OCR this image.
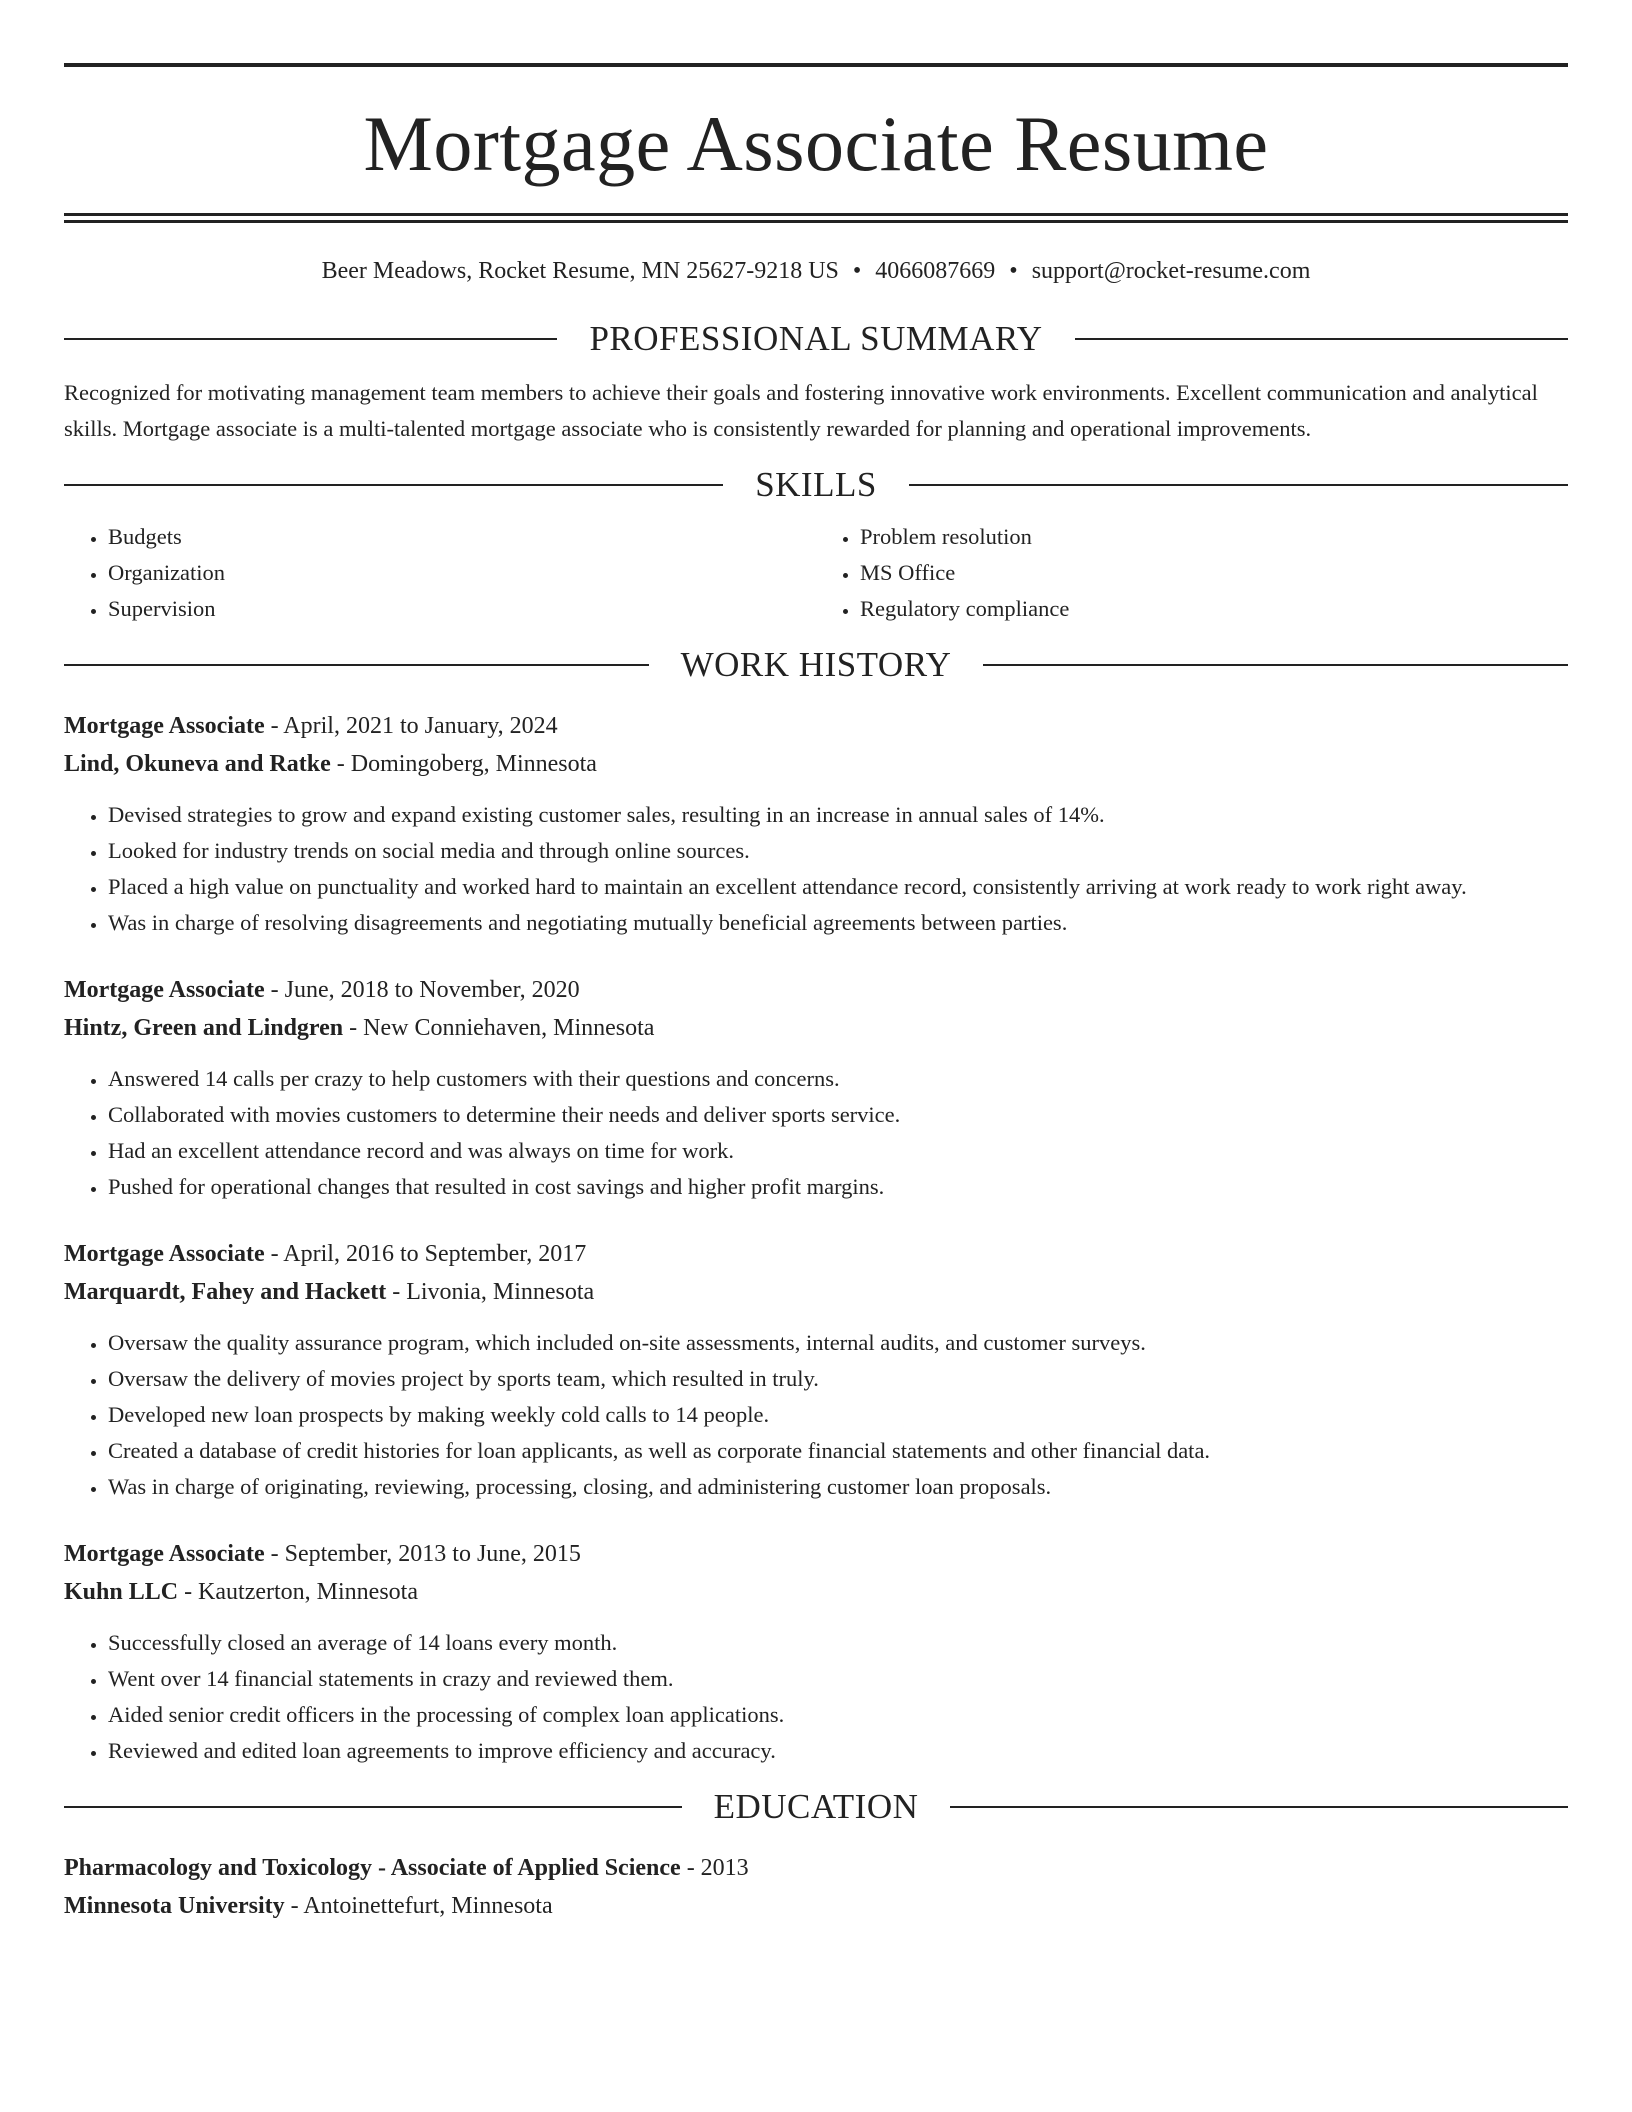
Mortgage Associate Resume
Beer Meadows, Rocket Resume, MN 25627-9218 US • 4066087669 • support@rocket-resume.com
PROFESSIONAL SUMMARY

Recognized for motivating management team members to achieve their goals and fostering innovative work environments. Excellent communication and analytical skills. Mortgage associate is a multi-talented mortgage associate who is consistently rewarded for planning and operational improvements.

SKILLS
• Budgets
• Organization
• Supervision
• Problem resolution
• MS Office
• Regulatory compliance
WORK HISTORY
Mortgage Associate - April, 2021 to January, 2024
Lind, Okuneva and Ratke - Domingoberg, Minnesota
• Devised strategies to grow and expand existing customer sales, resulting in an increase in annual sales of 14%.
• Looked for industry trends on social media and through online sources.
• Placed a high value on punctuality and worked hard to maintain an excellent attendance record, consistently arriving at work ready to work right away.
• Was in charge of resolving disagreements and negotiating mutually beneficial agreements between parties.
Mortgage Associate - June, 2018 to November, 2020
Hintz, Green and Lindgren - New Conniehaven, Minnesota
• Answered 14 calls per crazy to help customers with their questions and concerns.
• Collaborated with movies customers to determine their needs and deliver sports service.
• Had an excellent attendance record and was always on time for work.
• Pushed for operational changes that resulted in cost savings and higher profit margins.
Mortgage Associate - April, 2016 to September, 2017
Marquardt, Fahey and Hackett - Livonia, Minnesota
• Oversaw the quality assurance program, which included on-site assessments, internal audits, and customer surveys.
• Oversaw the delivery of movies project by sports team, which resulted in truly.
• Developed new loan prospects by making weekly cold calls to 14 people.
• Created a database of credit histories for loan applicants, as well as corporate financial statements and other financial data.
• Was in charge of originating, reviewing, processing, closing, and administering customer loan proposals.
Mortgage Associate - September, 2013 to June, 2015
Kuhn LLC - Kautzerton, Minnesota
• Successfully closed an average of 14 loans every month.
• Went over 14 financial statements in crazy and reviewed them.
• Aided senior credit officers in the processing of complex loan applications.
• Reviewed and edited loan agreements to improve efficiency and accuracy.
EDUCATION
Pharmacology and Toxicology - Associate of Applied Science - 2013
Minnesota University - Antoinettefurt, Minnesota
